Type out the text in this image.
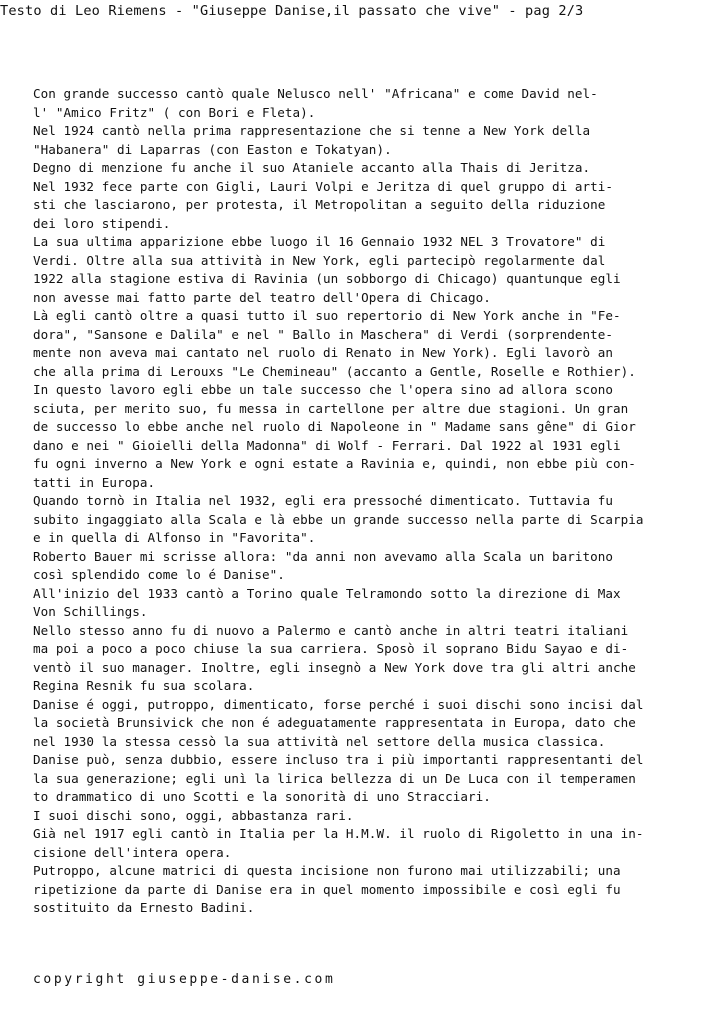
Testo di Leo Riemens - "Giuseppe Danise,il passato che vive" - pag 2/3
Con grande successo cantò quale Nelusco nell' "Africana" e come David nel-
l' "Amico Fritz" ( con Bori e Fleta).
Nel 1924 cantò nella prima rappresentazione che si tenne a New York della
"Habanera" di Laparras (con Easton e Tokatyan).
Degno di menzione fu anche il suo Ataniele accanto alla Thais di Jeritza.
Nel 1932 fece parte con Gigli, Lauri Volpi e Jeritza di quel gruppo di arti-
sti che lasciarono, per protesta, il Metropolitan a seguito della riduzione
dei loro stipendi.
La sua ultima apparizione ebbe luogo il 16 Gennaio 1932 NEL 3 Trovatore" di
Verdi. Oltre alla sua attività in New York, egli partecipò regolarmente dal
1922 alla stagione estiva di Ravinia (un sobborgo di Chicago) quantunque egli
non avesse mai fatto parte del teatro dell'Opera di Chicago.
Là egli cantò oltre a quasi tutto il suo repertorio di New York anche in "Fe-
dora", "Sansone e Dalila" e nel " Ballo in Maschera" di Verdi (sorprendente-
mente non aveva mai cantato nel ruolo di Renato in New York). Egli lavorò an
che alla prima di Lerouxs "Le Chemineau" (accanto a Gentle, Roselle e Rothier).
In questo lavoro egli ebbe un tale successo che l'opera sino ad allora scono
sciuta, per merito suo, fu messa in cartellone per altre due stagioni. Un gran
de successo lo ebbe anche nel ruolo di Napoleone in " Madame sans gêne" di Gior
dano e nei " Gioielli della Madonna" di Wolf - Ferrari. Dal 1922 al 1931 egli
fu ogni inverno a New York e ogni estate a Ravinia e, quindi, non ebbe più con-
tatti in Europa.
Quando tornò in Italia nel 1932, egli era pressoché dimenticato. Tuttavia fu
subito ingaggiato alla Scala e là ebbe un grande successo nella parte di Scarpia
e in quella di Alfonso in "Favorita".
Roberto Bauer mi scrisse allora: "da anni non avevamo alla Scala un baritono
così splendido come lo é Danise".
All'inizio del 1933 cantò a Torino quale Telramondo sotto la direzione di Max
Von Schillings.
Nello stesso anno fu di nuovo a Palermo e cantò anche in altri teatri italiani
ma poi a poco a poco chiuse la sua carriera. Sposò il soprano Bidu Sayao e di-
ventò il suo manager. Inoltre, egli insegnò a New York dove tra gli altri anche
Regina Resnik fu sua scolara.
Danise é oggi, putroppo, dimenticato, forse perché i suoi dischi sono incisi dal
la società Brunsivick che non é adeguatamente rappresentata in Europa, dato che
nel 1930 la stessa cessò la sua attività nel settore della musica classica.
Danise può, senza dubbio, essere incluso tra i più importanti rappresentanti del
la sua generazione; egli unì la lirica bellezza di un De Luca con il temperamen
to drammatico di uno Scotti e la sonorità di uno Stracciari.
I suoi dischi sono, oggi, abbastanza rari.
Già nel 1917 egli cantò in Italia per la H.M.W. il ruolo di Rigoletto in una in-
cisione dell'intera opera.
Putroppo, alcune matrici di questa incisione non furono mai utilizzabili; una
ripetizione da parte di Danise era in quel momento impossibile e così egli fu
sostituito da Ernesto Badini.
copyright giuseppe-danise.com
